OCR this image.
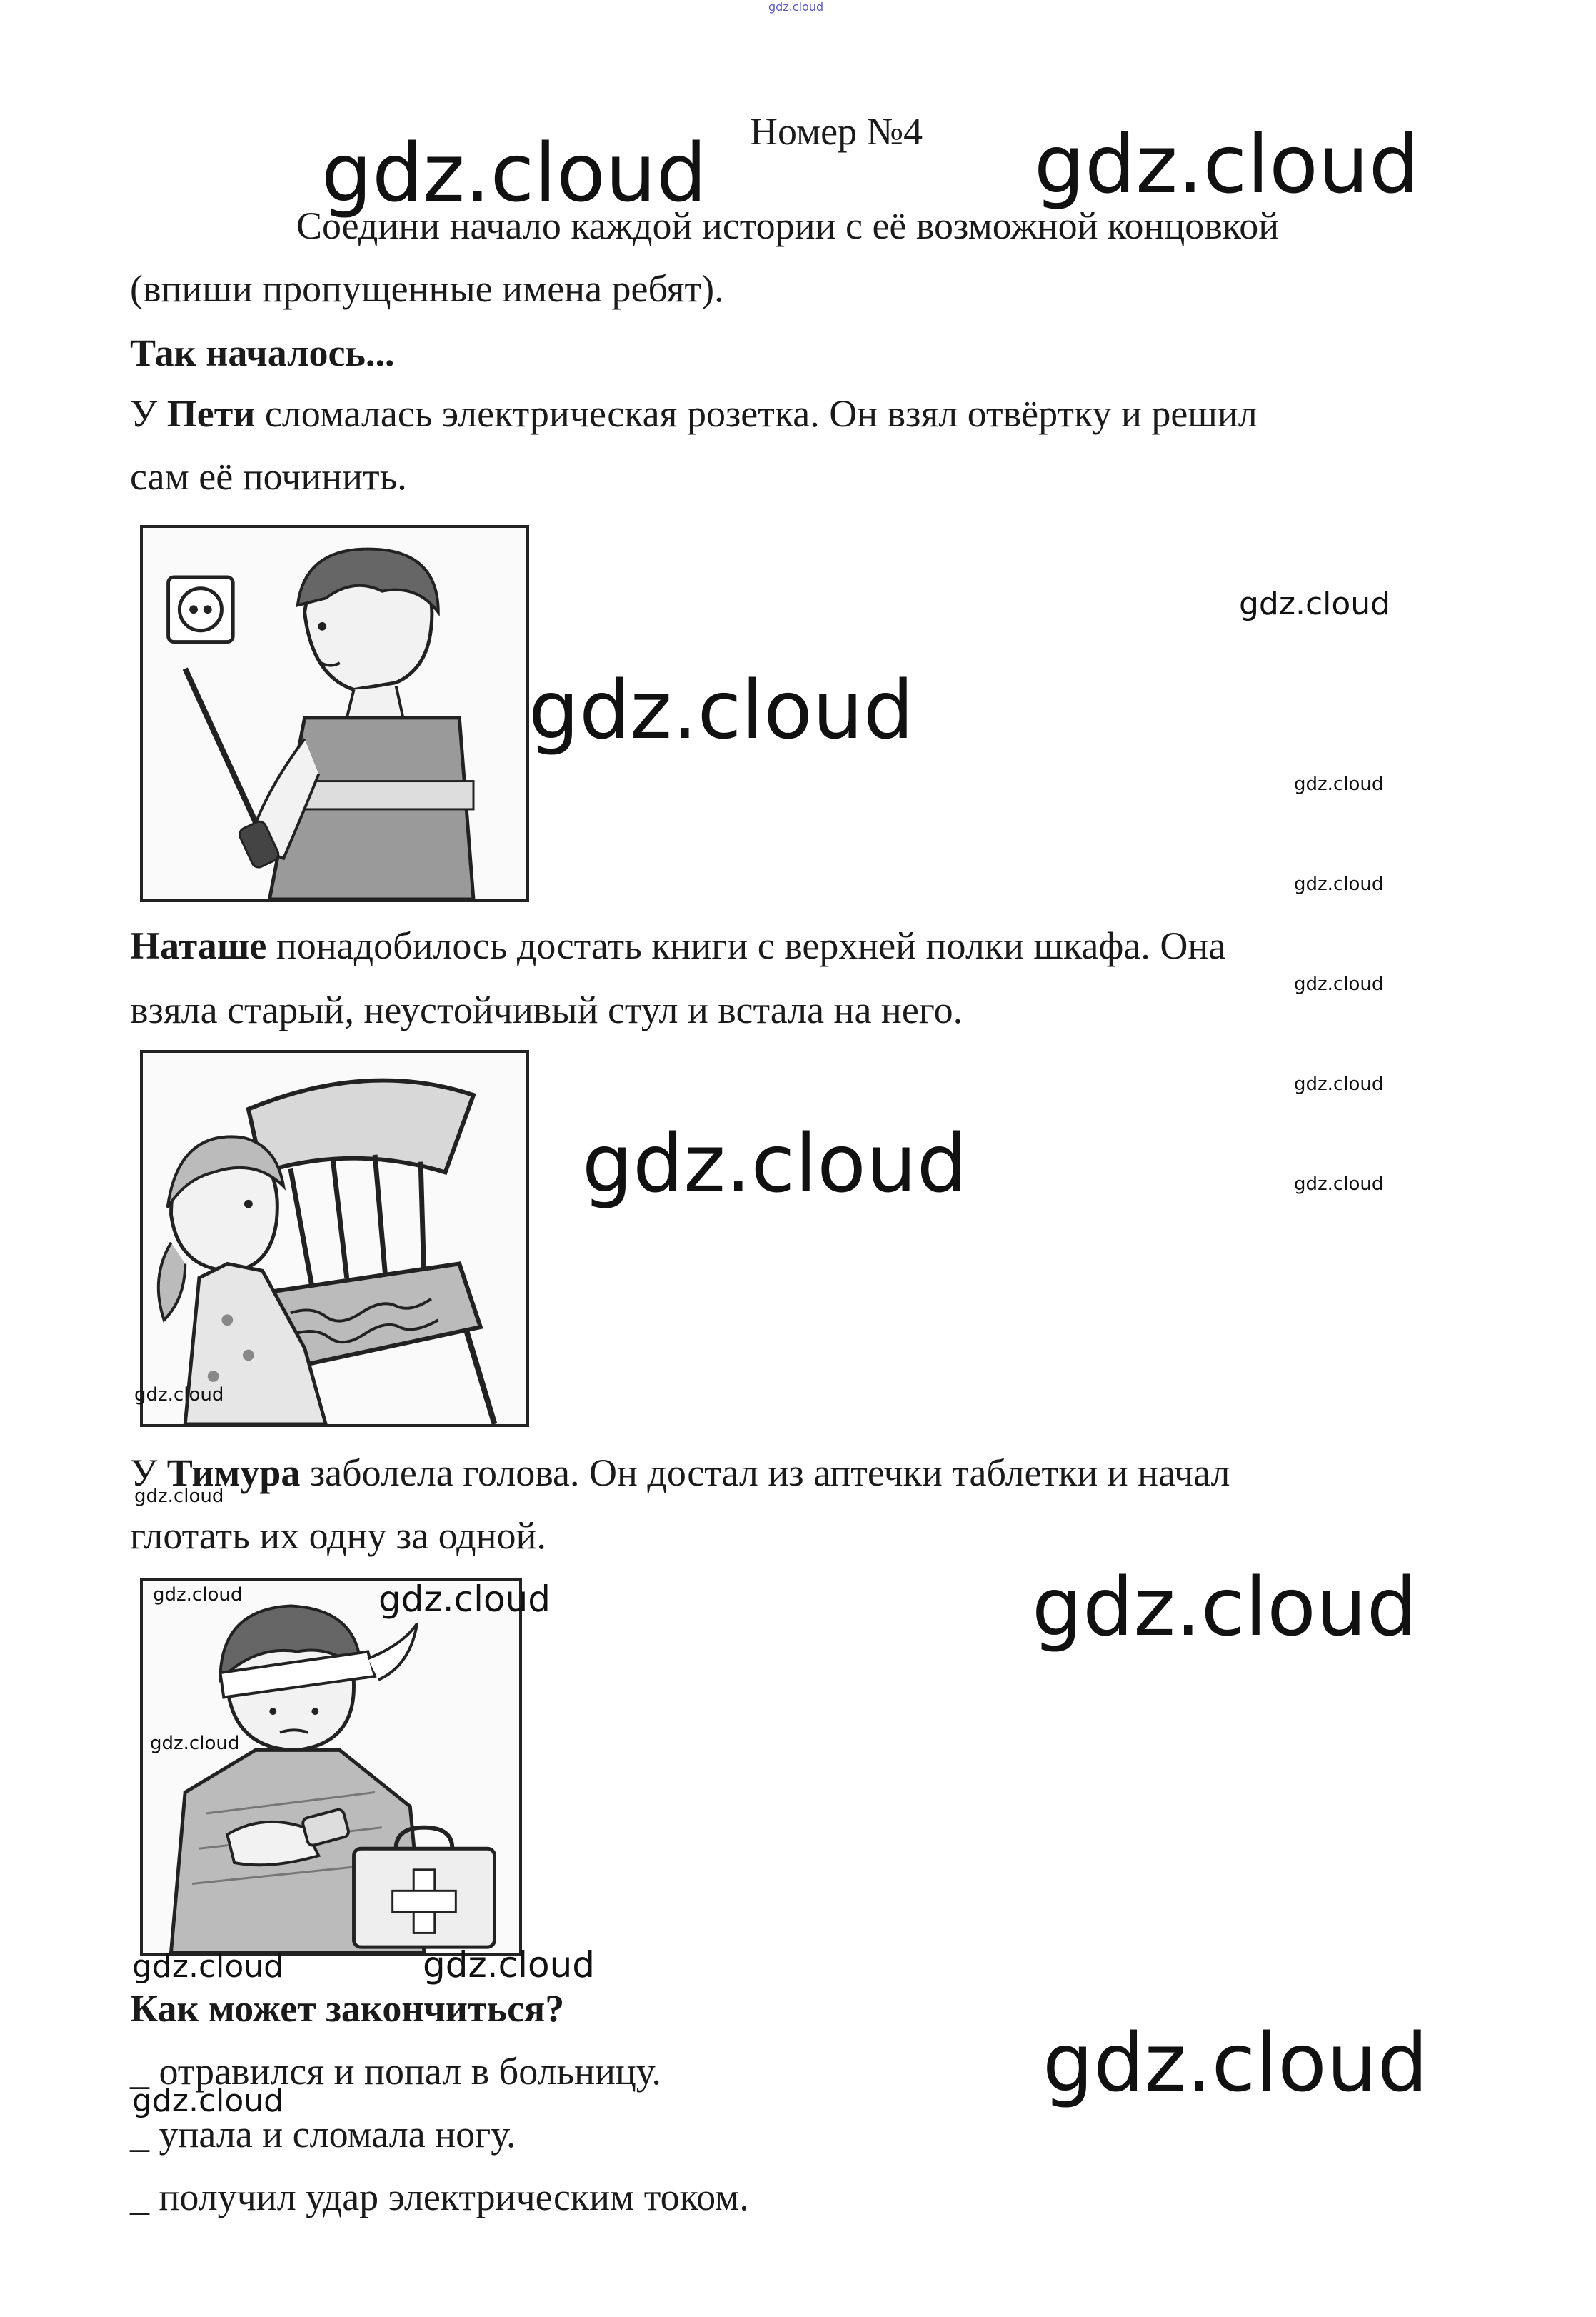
gdz.cloud
Номер №4
gdz.cloud	gdz.cloud
Соедини начало каждой истории с её возможной концовкой
(впиши пропущенные имена ребят).
Так началось...
У Пети сломалась электрическая розетка. Он взял отвёртку и решил
сам её починить.
gdz.cloud
gdz.cloud
gdz.cloud
gdz.cloud
Наташе понадобилось достать книги с верхней полки шкафа. Она
взяла старый, неустойчивый стул и встала на него.
gdz.cloud
gdz.cloud
gdz.cloud	gdz.cloud
gdz.cloud
У Тимура заболела голова. Он достал из аптечки таблетки и начал
gdz.cloud
глотать их одну за одной.
gdz.cloud	gdz.cloud	gdz.cloud
gdz.cloud
gdz.cloud	gdz.cloud
Как может закончиться?
gdz.cloud
_ отравился и попал в больницу.
gdz.cloud
_ упала и сломала ногу.
_ получил удар электрическим током.
